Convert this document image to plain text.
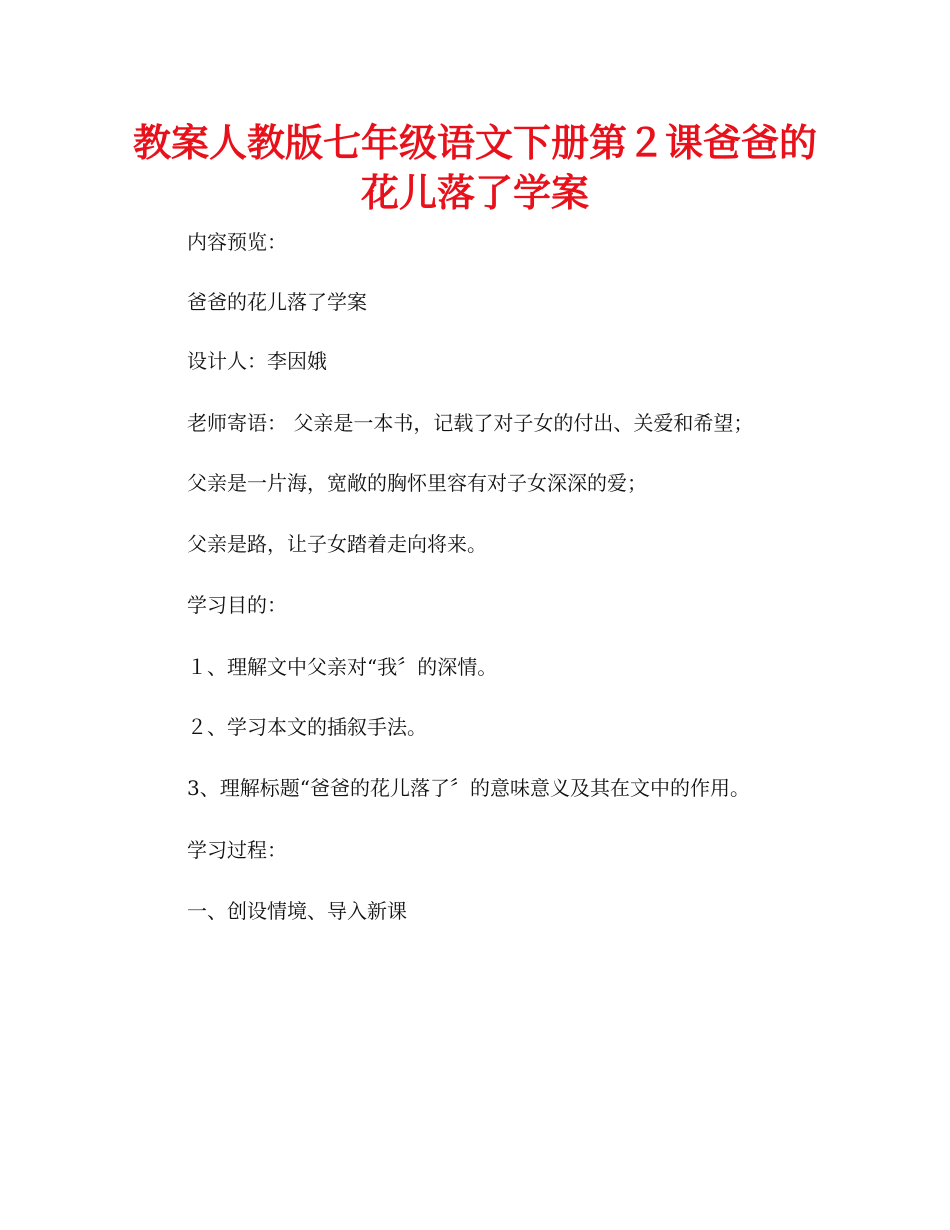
教案人教版七年级语文下册第２课爸爸的
花儿落了学案

内容预览：

爸爸的花儿落了学案

设计人：李因娥

老师寄语： 父亲是一本书，记载了对子女的付出、关爱和希望；

父亲是一片海，宽敞的胸怀里容有对子女深深的爱；

父亲是路，让子女踏着走向将来。

学习目的：

１、理解文中父亲对“我〞的深情。

２、学习本文的插叙手法。

3、理解标题“爸爸的花儿落了〞的意味意义及其在文中的作用。

学习过程：

一、创设情境、导入新课
